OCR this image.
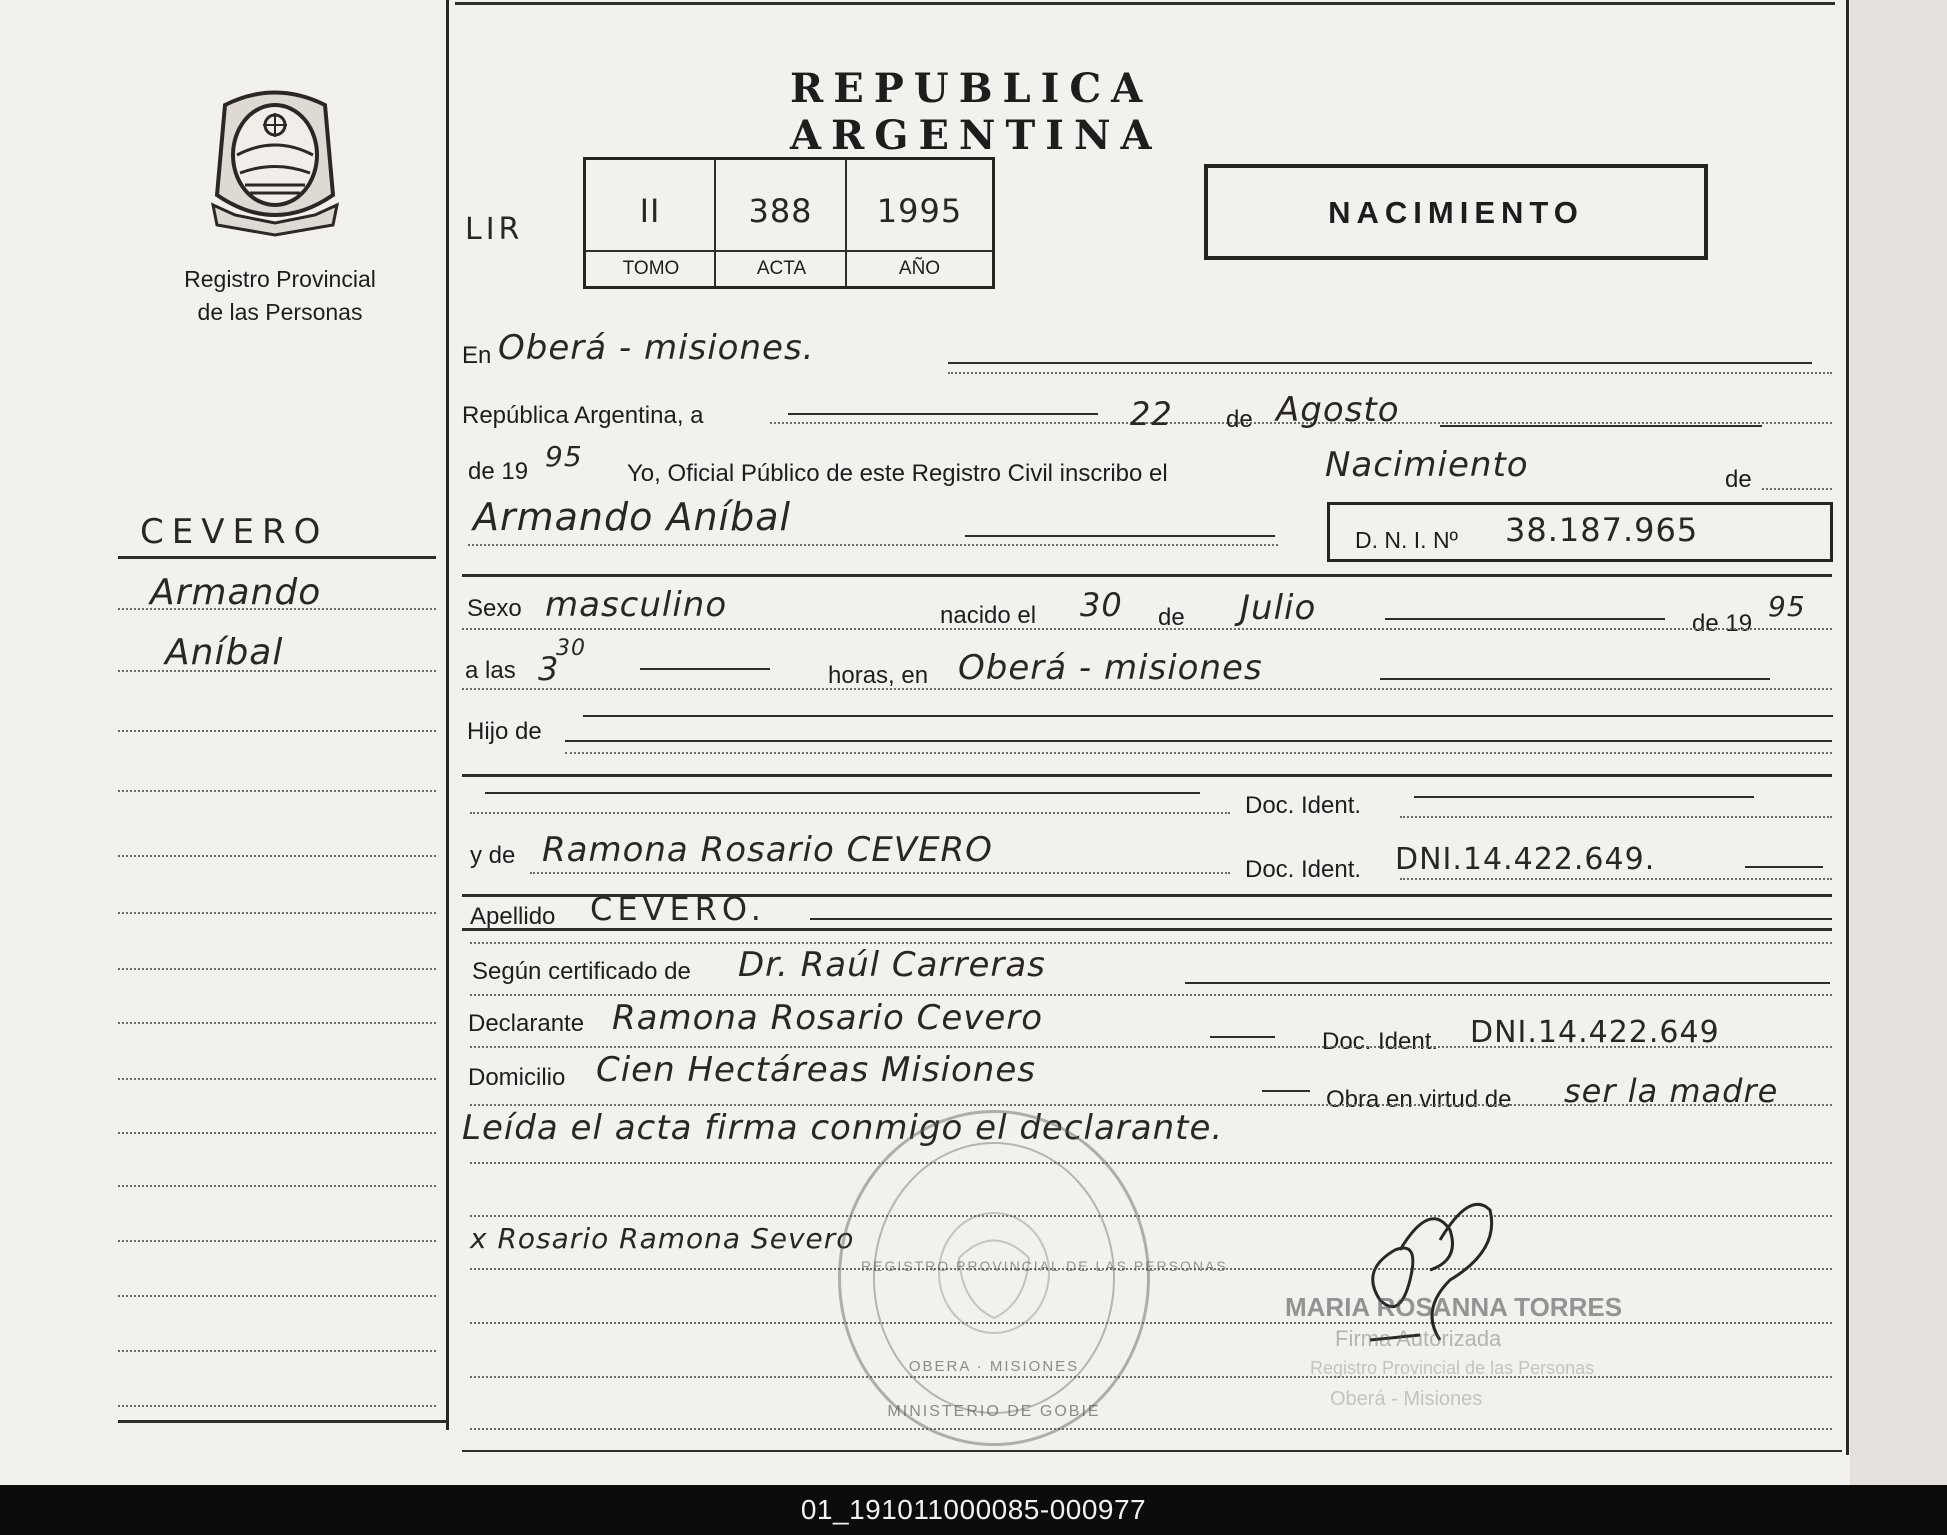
Registro Provincial
de las Personas
CEVERO
Armando
Aníbal
REPUBLICA ARGENTINA
LIR	II	388	1995
TOMO	ACTA	AÑO
NACIMIENTO
En Oberá - misiones.
República Argentina, a	22 de Agosto
de 19 95
Yo, Oficial Público de este Registro Civil inscribo el	Nacimiento	de
Armando Aníbal
D. N. I. Nº 38.187.965
Sexo masculino	nacido el 30 de Julio	de 19
95
a las 3
30
horas, en Oberá - misiones
Hijo de
Doc. Ident.
y de Ramona Rosario CEVERO	Doc. Ident. DNI.14.422.649.
Apellido CEVERO.
Según certificado de Dr. Raúl Carreras
Declarante Ramona Rosario Cevero
Doc. Ident. DNI.14.422.649
Domicilio Cien Hectáreas Misiones
Obra en virtud de ser la madre
Leída el acta firma conmigo el declarante.
x Rosario Ramona Severo
REGISTRO PROVINCIAL DE LAS PERSONAS
OBERA · MISIONES
MINISTERIO DE GOBIE
MARIA ROSANNA TORRES
Firma Autorizada
Registro Provincial de las Personas
Oberá - Misiones
01_191011000085-000977
